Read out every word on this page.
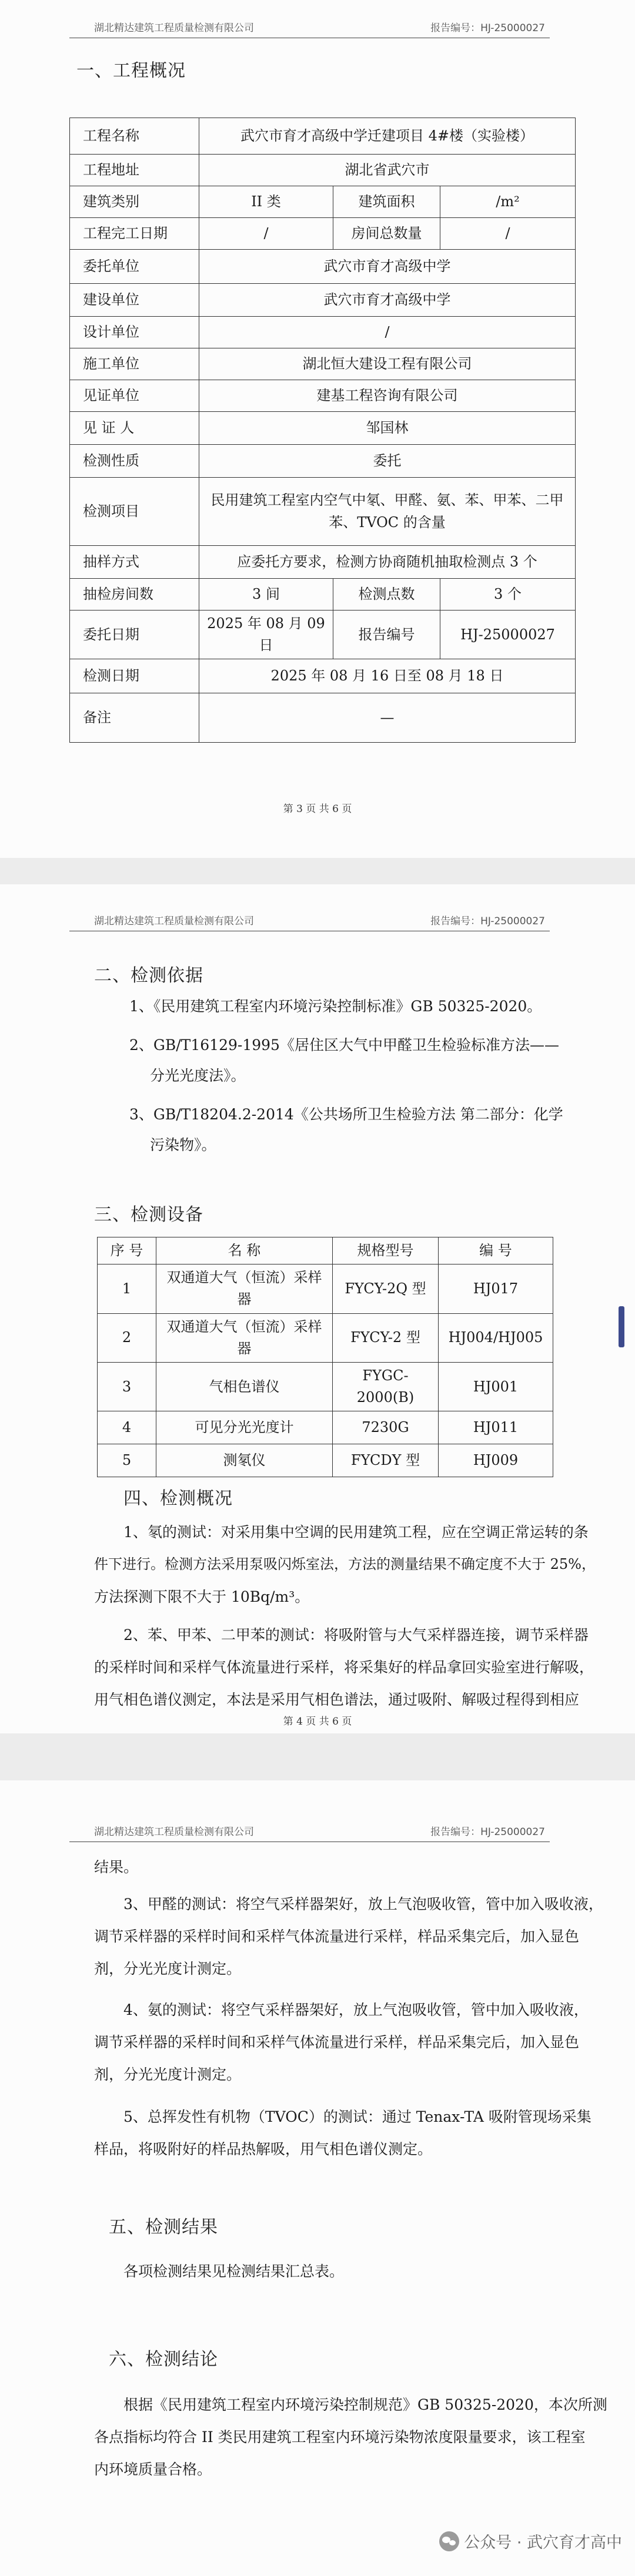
湖北精达建筑工程质量检测有限公司	报告编号：HJ-25000027
一、工程概况
工程名称	武穴市育才高级中学迁建项目 4#楼（实验楼）		
工程地址	湖北省武穴市		
建筑类别	II 类	建筑面积	/m²
工程完工日期	/	房间总数量	/
委托单位	武穴市育才高级中学		
建设单位	武穴市育才高级中学		
设计单位	/		
施工单位	湖北恒大建设工程有限公司		
见证单位	建基工程咨询有限公司		
见 证 人	邹国林		
检测性质	委托		
检测项目	民用建筑工程室内空气中氡、甲醛、氨、苯、甲苯、二甲苯、TVOC 的含量		
抽样方式	应委托方要求，检测方协商随机抽取检测点 3 个		
抽检房间数	3 间	检测点数	3 个
委托日期	2025 年 08 月 09 日	报告编号	HJ-25000027
检测日期	2025 年 08 月 16 日至 08 月 18 日		
备注	—		
第 3 页 共 6 页
湖北精达建筑工程质量检测有限公司	报告编号：HJ-25000027
二、检测依据
1、《民用建筑工程室内环境污染控制标准》GB 50325-2020。
2、GB/T16129-1995《居住区大气中甲醛卫生检验标准方法——
分光光度法》。
3、GB/T18204.2-2014《公共场所卫生检验方法 第二部分：化学
污染物》。
三、检测设备
序 号	名 称	规格型号	编 号
1	双通道大气（恒流）采样器	FYCY-2Q 型	HJ017
2	双通道大气（恒流）采样器	FYCY-2 型	HJ004/HJ005
3	气相色谱仪	FYGC-2000(B)	HJ001
4	可见分光光度计	7230G	HJ011
5	测氡仪	FYCDY 型	HJ009
四、检测概况
1、氡的测试：对采用集中空调的民用建筑工程，应在空调正常运转的条
件下进行。检测方法采用泵吸闪烁室法，方法的测量结果不确定度不大于 25%，
方法探测下限不大于 10Bq/m³。
2、苯、甲苯、二甲苯的测试：将吸附管与大气采样器连接，调节采样器
的采样时间和采样气体流量进行采样，将采集好的样品拿回实验室进行解吸，
用气相色谱仪测定，本法是采用气相色谱法，通过吸附、解吸过程得到相应
第 4 页 共 6 页
湖北精达建筑工程质量检测有限公司	报告编号：HJ-25000027
结果。
3、甲醛的测试：将空气采样器架好，放上气泡吸收管，管中加入吸收液，
调节采样器的采样时间和采样气体流量进行采样，样品采集完后，加入显色
剂，分光光度计测定。
4、氨的测试：将空气采样器架好，放上气泡吸收管，管中加入吸收液，
调节采样器的采样时间和采样气体流量进行采样，样品采集完后，加入显色
剂，分光光度计测定。
5、总挥发性有机物（TVOC）的测试：通过 Tenax-TA 吸附管现场采集
样品，将吸附好的样品热解吸，用气相色谱仪测定。
五、检测结果
各项检测结果见检测结果汇总表。
六、检测结论
根据《民用建筑工程室内环境污染控制规范》GB 50325-2020，本次所测
各点指标均符合 II 类民用建筑工程室内环境污染物浓度限量要求，该工程室
内环境质量合格。
公众号 · 武穴育才高中
